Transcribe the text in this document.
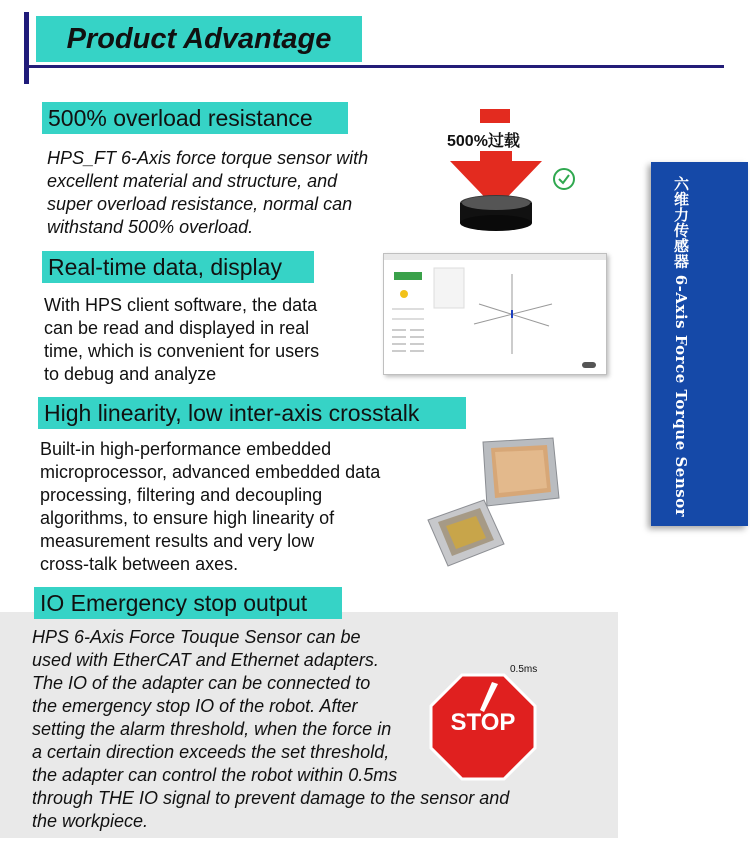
Product Advantage
六维力传感器 6-Axis Force Torque Sensor
500% overload resistance
HPS_FT 6-Axis force torque sensor with
excellent material and structure, and
super overload resistance, normal can
withstand 500% overload.
500%过载
Real-time data, display
With HPS client software, the data
can be read and displayed in real
time, which is convenient for users
to debug and analyze
High linearity, low inter-axis crosstalk
Built-in high-performance embedded
microprocessor, advanced embedded data
processing, filtering and decoupling
algorithms, to ensure high linearity of
measurement results and very low
cross-talk between axes.
IO Emergency stop output
HPS 6-Axis Force Touque Sensor can be
used with EtherCAT and Ethernet adapters.
The IO of the adapter can be connected to
the emergency stop IO of the robot. After
setting the alarm threshold, when the force in
a certain direction exceeds the set threshold,
the adapter can control the robot within 0.5ms
through THE IO signal to prevent damage to the sensor and
the workpiece.
STOP
0.5ms
